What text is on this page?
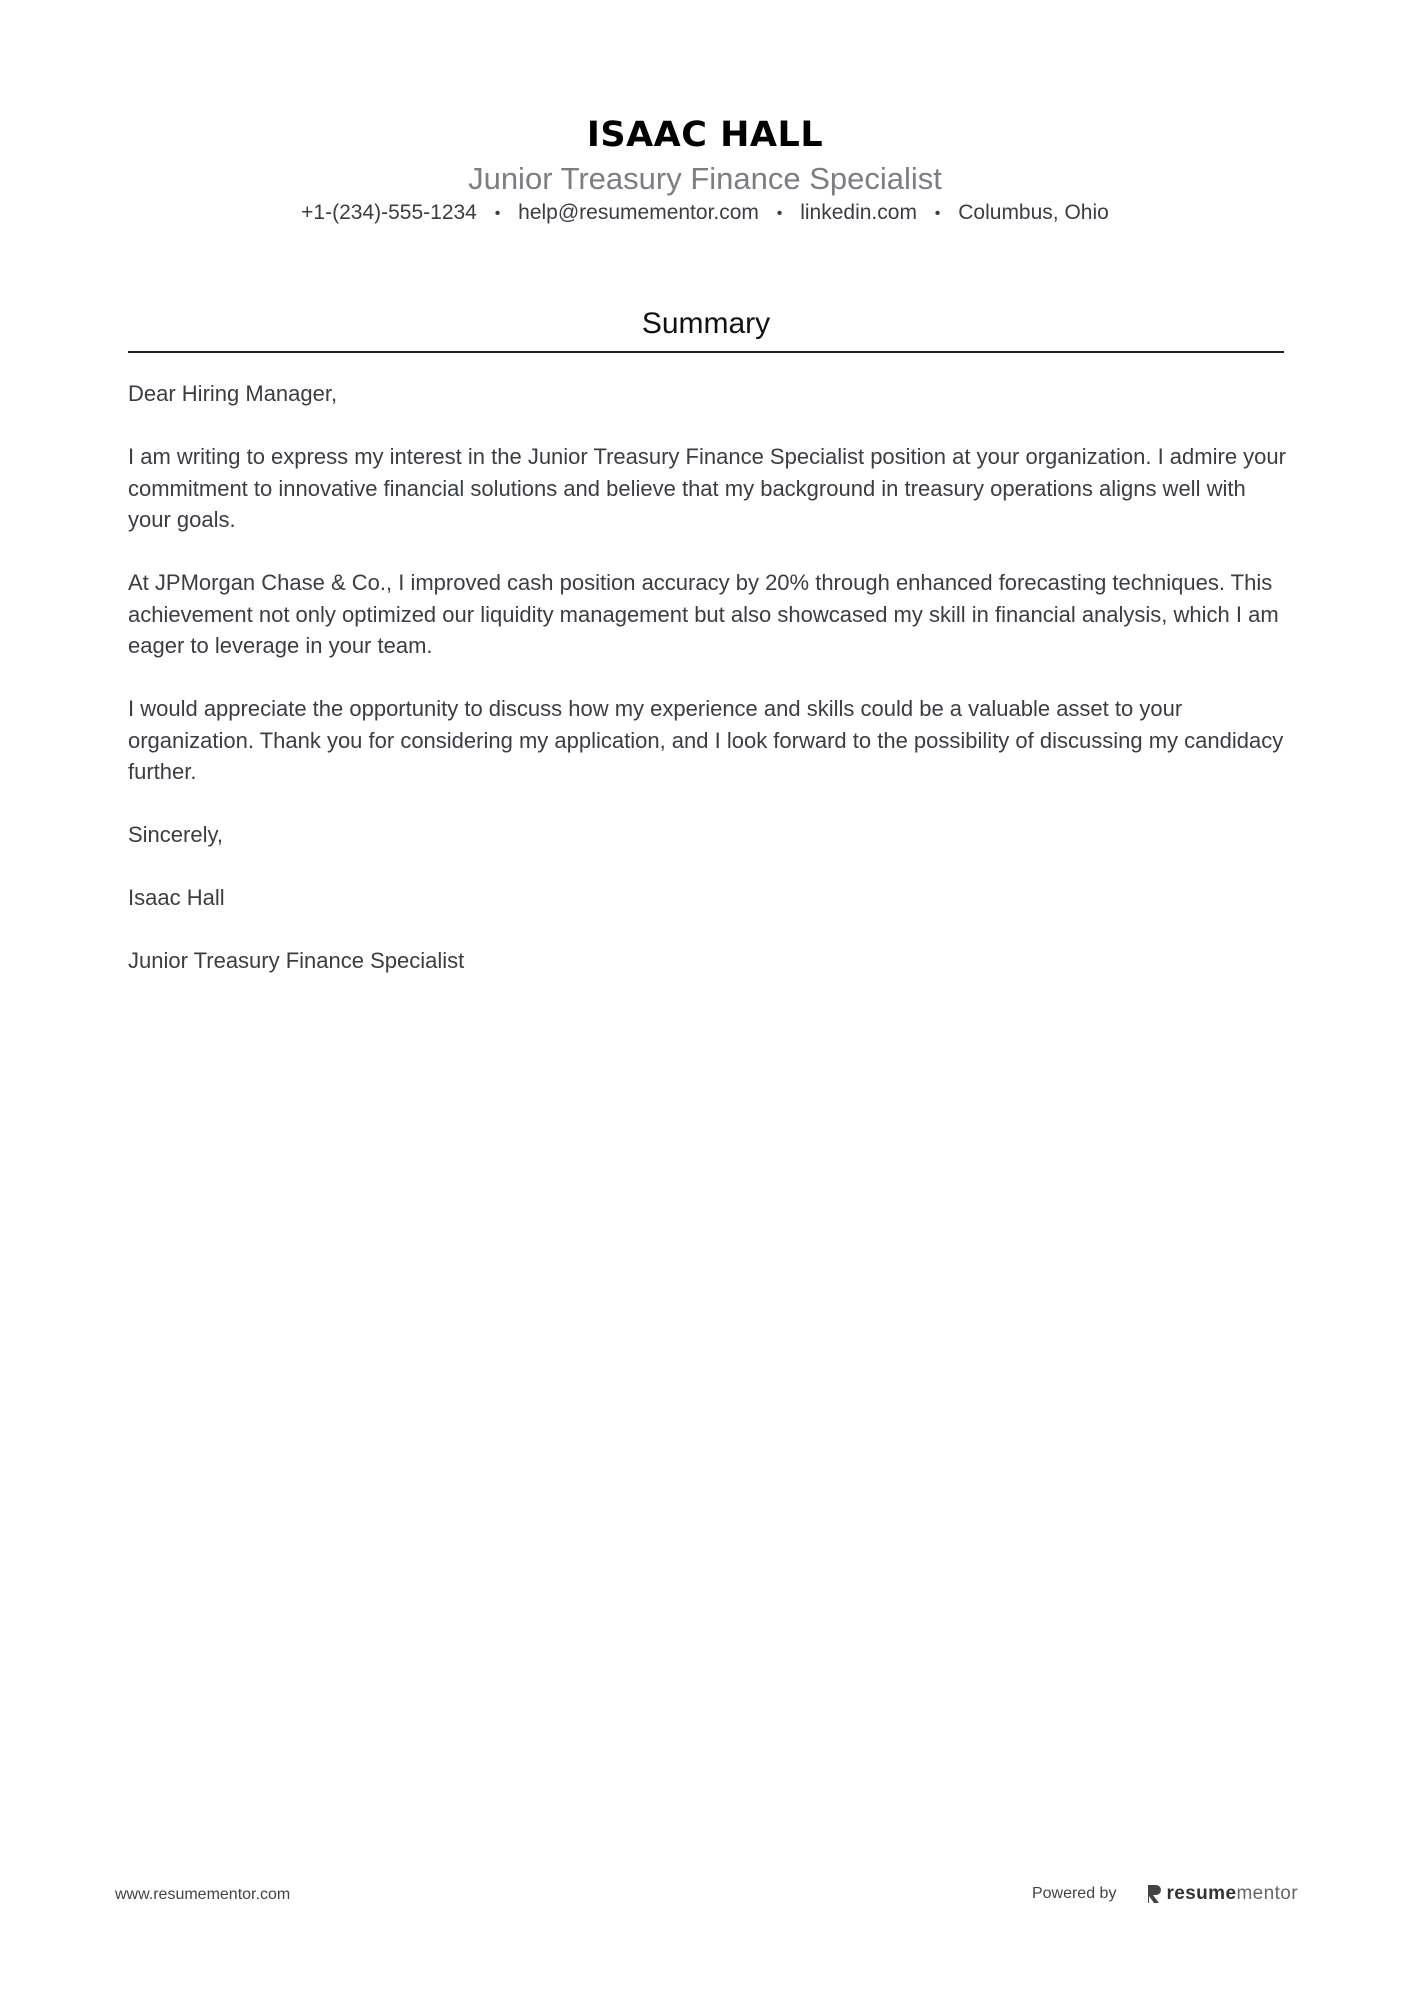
ISAAC HALL
Junior Treasury Finance Specialist
+1-(234)-555-1234 • help@resumementor.com • linkedin.com • Columbus, Ohio
Summary

Dear Hiring Manager,

I am writing to express my interest in the Junior Treasury Finance Specialist position at your organization. I admire your commitment to innovative financial solutions and believe that my background in treasury operations aligns well with your goals.

At JPMorgan Chase & Co., I improved cash position accuracy by 20% through enhanced forecasting techniques. This achievement not only optimized our liquidity management but also showcased my skill in financial analysis, which I am eager to leverage in your team.

I would appreciate the opportunity to discuss how my experience and skills could be a valuable asset to your organization. Thank you for considering my application, and I look forward to the possibility of discussing my candidacy further.

Sincerely,

Isaac Hall

Junior Treasury Finance Specialist

www.resumementor.com	Powered by	resume mentor
